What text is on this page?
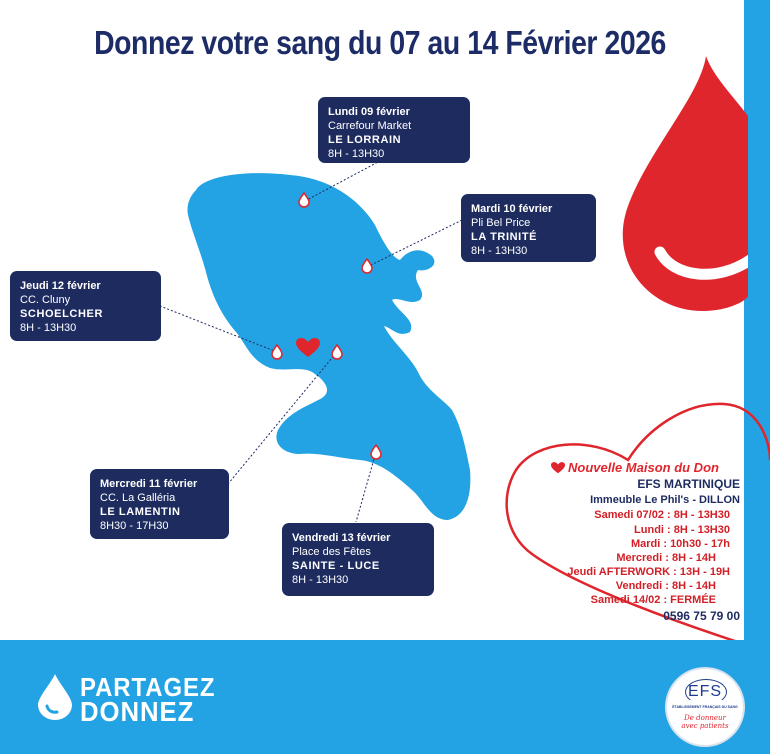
Donnez votre sang du 07 au 14 Février 2026
Lundi 09 février
Carrefour Market
LE LORRAIN
8H - 13H30
Mardi 10 février
Pli Bel Price
LA TRINITÉ
8H - 13H30
Jeudi 12 février
CC. Cluny
SCHOELCHER
8H - 13H30
Mercredi 11 février
CC. La Galléria
LE LAMENTIN
8H30 - 17H30
Vendredi 13 février
Place des Fêtes
SAINTE - LUCE
8H - 13H30
Nouvelle Maison du Don
EFS MARTINIQUE
Immeuble Le Phil's - DILLON
Samedi 07/02 : 8H - 13H30
Lundi : 8H - 13H30
Mardi : 10h30 - 17h
Mercredi : 8H - 14H
Jeudi AFTERWORK : 13H - 19H
Vendredi : 8H - 14H
Samedi 14/02 : FERMÉE
0596 75 79 00
PARTAGEZ
DONNEZ
EFS
ÉTABLISSEMENT FRANÇAIS DU SANG
De donneur
avec patients
